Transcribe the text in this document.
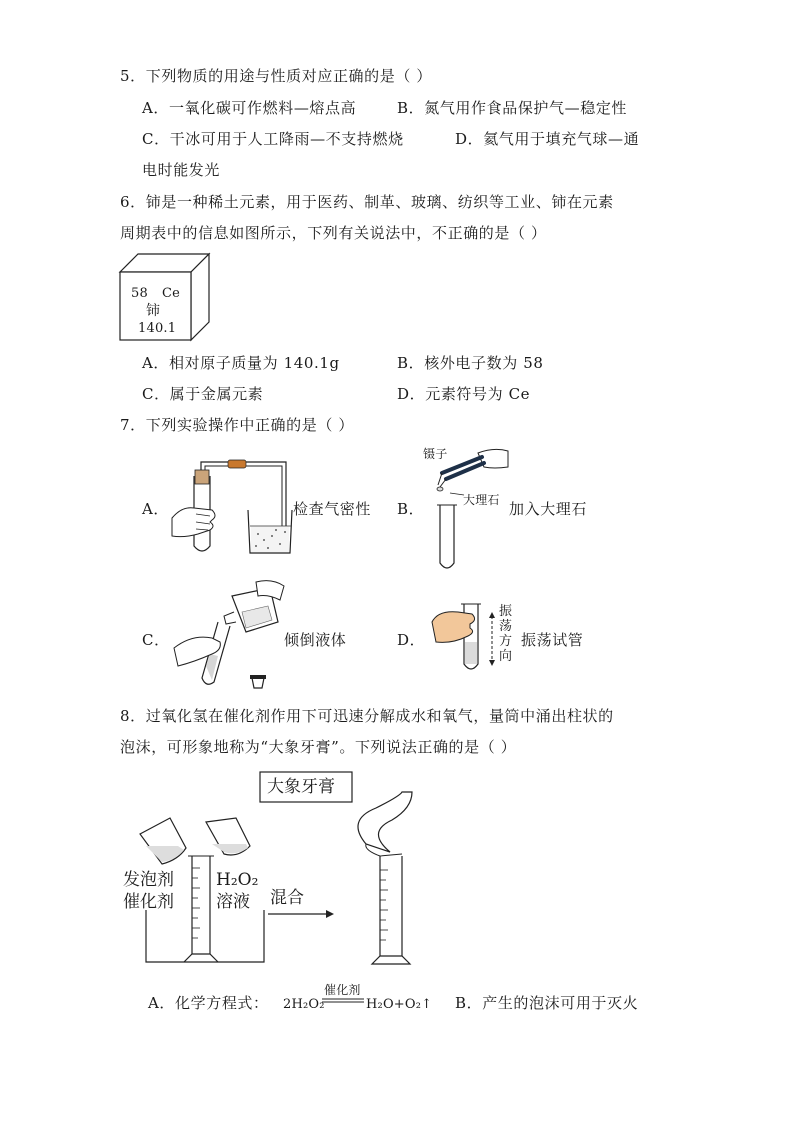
5．下列物质的用途与性质对应正确的是（ ）
A．一氧化碳可作燃料—熔点高	B．氮气用作食品保护气—稳定性
C．干冰可用于人工降雨—不支持燃烧	D．氦气用于填充气球—通
电时能发光
6．铈是一种稀土元素，用于医药、制革、玻璃、纺织等工业、铈在元素
周期表中的信息如图所示，下列有关说法中，不正确的是（ ）
58 Ce
铈
140.1
A．相对原子质量为 140.1g	B．核外电子数为 58
C．属于金属元素	D．元素符号为 Ce
7．下列实验操作中正确的是（ ）
A．	检查气密性 B．
镊子
大理石 加入大理石
C．	倾倒液体	D．
振
荡
方
向
振荡试管
8．过氧化氢在催化剂作用下可迅速分解成水和氧气，量筒中涌出柱状的
泡沫，可形象地称为“大象牙膏”。下列说法正确的是（ ）
大象牙膏
发泡剂
催化剂
H₂O₂
溶液 混合
A．化学方程式： 2H₂O₂
催化剂
H₂O+O₂↑ B．产生的泡沫可用于灭火
